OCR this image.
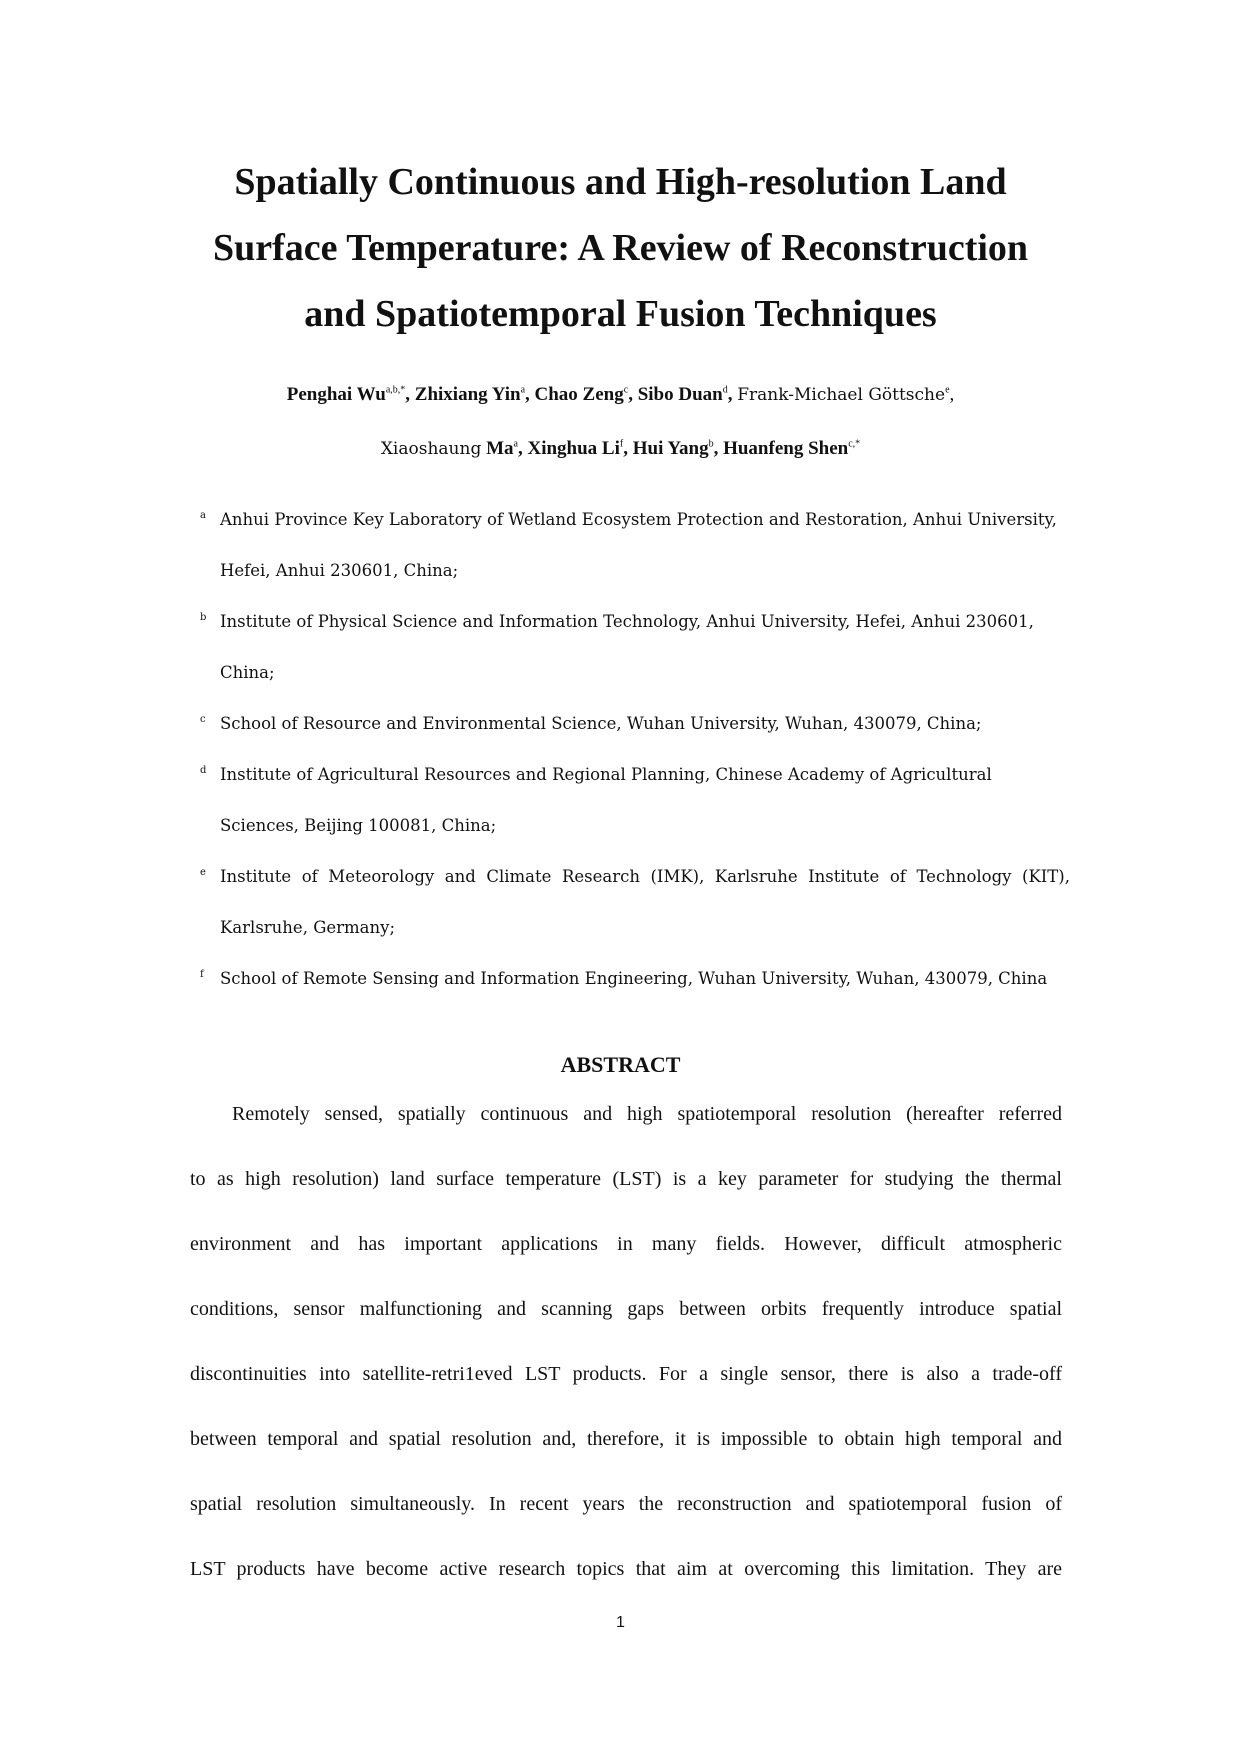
Spatially Continuous and High-resolution Land
Surface Temperature: A Review of Reconstruction
and Spatiotemporal Fusion Techniques
Penghai $Wu^{a,b,*}$, Zhixiang Yin$^a$, Chao Zeng$^c$, Sibo Duan$^d$, Frank-Michael Göttsche$^e$,
Xiaoshaung Ma$^a$, Xinghua Li$^f$, Hui Yang$^b$, Huanfeng Shen$^{c,*}$
a Anhui Province Key Laboratory of Wetland Ecosystem Protection and Restoration, Anhui University,
Hefei, Anhui 230601, China;
b Institute of Physical Science and Information Technology, Anhui University, Hefei, Anhui 230601,
China;
c School of Resource and Environmental Science, Wuhan University, Wuhan, 430079, China;
d Institute of Agricultural Resources and Regional Planning, Chinese Academy of Agricultural
Sciences, Beijing 100081, China;
e Institute of Meteorology and Climate Research (IMK), Karlsruhe Institute of Technology (KIT),
Karlsruhe, Germany;
f School of Remote Sensing and Information Engineering, Wuhan University, Wuhan, 430079, China
ABSTRACT
Remotely sensed, spatially continuous and high spatiotemporal resolution (hereafter referred
to as high resolution) land surface temperature (LST) is a key parameter for studying the thermal
environment and has important applications in many fields. However, difficult atmospheric
conditions, sensor malfunctioning and scanning gaps between orbits frequently introduce spatial
discontinuities into satellite-retri1eved LST products. For a single sensor, there is also a trade-off
between temporal and spatial resolution and, therefore, it is impossible to obtain high temporal and
spatial resolution simultaneously. In recent years the reconstruction and spatiotemporal fusion of
LST products have become active research topics that aim at overcoming this limitation. They are
1
